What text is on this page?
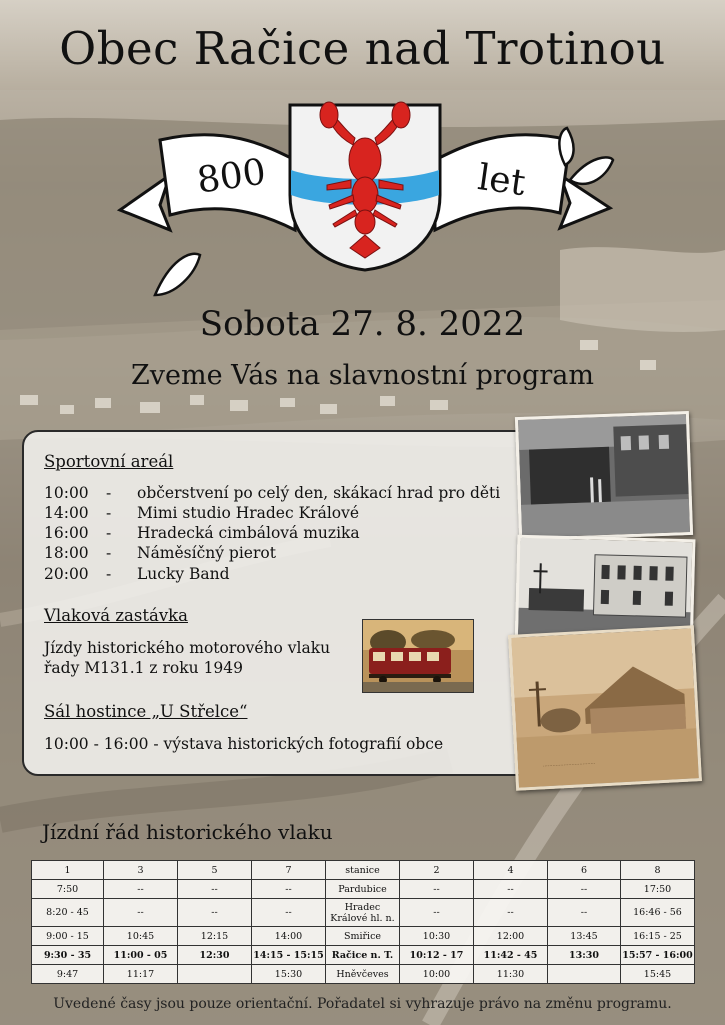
Obec Račice nad Trotinou
800	let
Sobota 27. 8. 2022
Zveme Vás na slavnostní program
Sportovní areál
10:00	-	občerstvení po celý den, skákací hrad pro děti
14:00	-	Mimi studio Hradec Králové
16:00	-	Hradecká cimbálová muzika
18:00	-	Náměsíčný pierot
20:00	-	Lucky Band
Vlaková zastávka
Jízdy historického motorového vlaku
řady M131.1 z roku 1949
Sál hostince „U Střelce“
10:00 - 16:00 - výstava historických fotografií obce
.................................
Jízdní řád historického vlaku
1	3	5	7	stanice	2	4	6	8
7:50	--	--	--	Pardubice	--	--	--	17:50
8:20 - 45	--	--	--	Hradec Králové hl. n.	--	--	--	16:46 - 56
9:00 - 15	10:45	12:15	14:00	Smiřice	10:30	12:00	13:45	16:15 - 25
9:30 - 35	11:00 - 05	12:30	14:15 - 15:15	Račice n. T.	10:12 - 17	11:42 - 45	13:30	15:57 - 16:00
9:47	11:17		15:30	Hněvčeves	10:00	11:30		15:45
Uvedené časy jsou pouze orientační. Pořadatel si vyhrazuje právo na změnu programu.
